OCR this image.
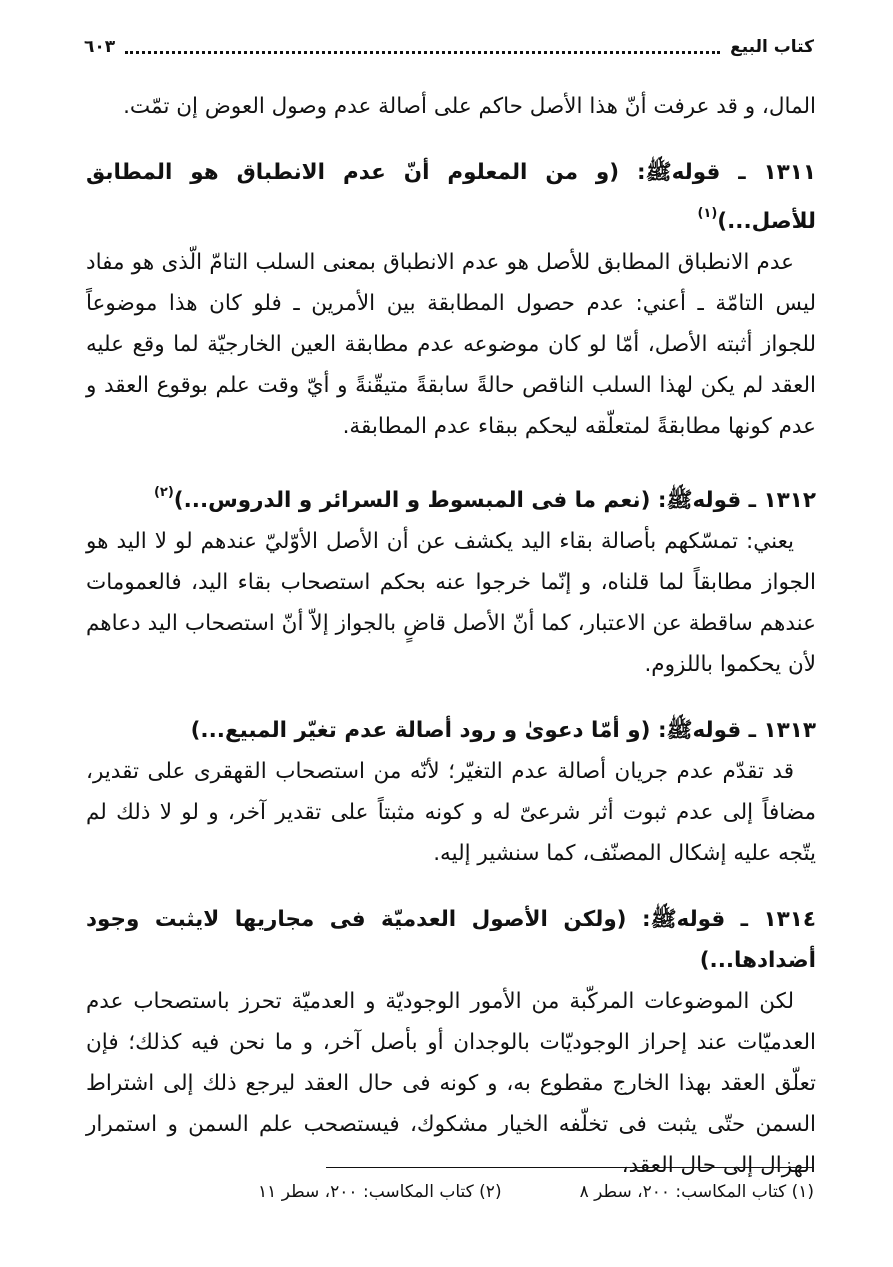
كتاب البيع
٦٠٣

المال، و قد عرفت أنّ هذا الأصل حاكم على أصالة عدم وصول العوض إن تمّت.

١٣١١ ـ قولهﷺ: (و من المعلوم أنّ عدم الانطباق هو المطابق للأصل...)$^{(١)}$

عدم الانطباق المطابق للأصل هو عدم الانطباق بمعنى السلب التامّ الّذى هو مفاد ليس التامّة ـ أعني: عدم حصول المطابقة بين الأمرين ـ فلو كان هذا موضوعاً للجواز أثبته الأصل، أمّا لو كان موضوعه عدم مطابقة العين الخارجيّة لما وقع عليه العقد لم يكن لهذا السلب الناقص حالةً سابقةً متيقّنةً و أيّ وقت علم بوقوع العقد و عدم كونها مطابقةً لمتعلّقه ليحكم ببقاء عدم المطابقة.

١٣١٢ ـ قولهﷺ: (نعم ما فى المبسوط و السرائر و الدروس...)$^{(٢)}$

يعني: تمسّكهم بأصالة بقاء اليد يكشف عن أن الأصل الأوّليّ عندهم لو لا اليد هو الجواز مطابقاً لما قلناه، و إنّما خرجوا عنه بحكم استصحاب بقاء اليد، فالعمومات عندهم ساقطة عن الاعتبار، كما أنّ الأصل قاضٍ بالجواز إلاّ أنّ استصحاب اليد دعاهم لأن يحكموا باللزوم.

١٣١٣ ـ قولهﷺ: (و أمّا دعوىٰ و رود أصالة عدم تغيّر المبيع...)

قد تقدّم عدم جريان أصالة عدم التغيّر؛ لأنّه من استصحاب القهقرى على تقدير، مضافاً إلى عدم ثبوت أثر شرعىّ له و كونه مثبتاً على تقدير آخر، و لو لا ذلك لم يتّجه عليه إشكال المصنّف، كما سنشير إليه.

١٣١٤ ـ قولهﷺ: (ولكن الأصول العدميّة فى مجاريها لايثبت وجود أضدادها...)

لكن الموضوعات المركّبة من الأمور الوجوديّة و العدميّة تحرز باستصحاب عدم العدميّات عند إحراز الوجوديّات بالوجدان أو بأصل آخر، و ما نحن فيه كذلك؛ فإن تعلّق العقد بهذا الخارج مقطوع به، و كونه فى حال العقد ليرجع ذلك إلى اشتراط السمن حتّى يثبت فى تخلّفه الخيار مشكوك، فيستصحب علم السمن و استمرار الهزال إلى حال العقد،

(١) كتاب المكاسب: ٢٠٠، سطر ٨
(٢) كتاب المكاسب: ٢٠٠، سطر ١١
